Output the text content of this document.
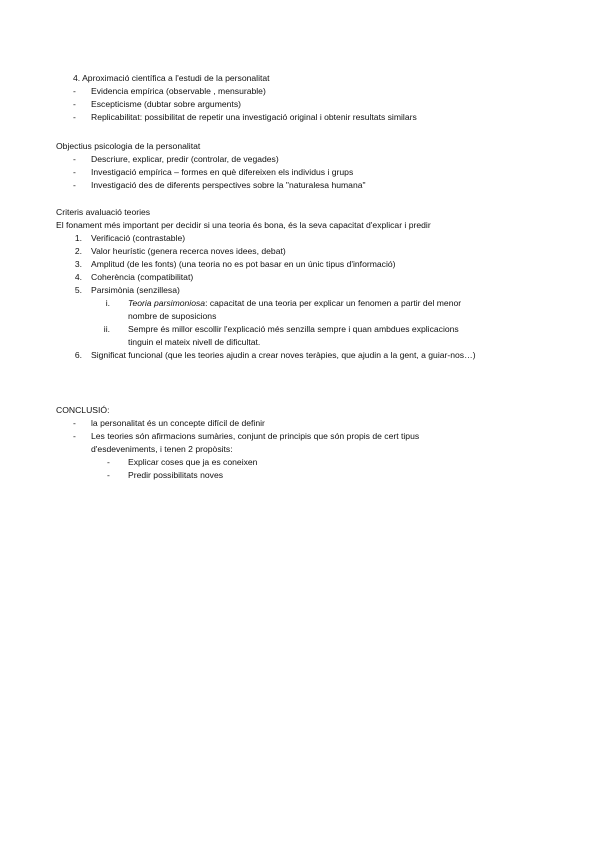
4. Aproximació científica a l'estudi de la personalitat
- Evidencia empírica (observable , mensurable)
- Escepticisme (dubtar sobre arguments)
- Replicabilitat: possibilitat de repetir una investigació original i obtenir resultats similars
Objectius psicologia de la personalitat
- Descriure, explicar, predir (controlar, de vegades)
- Investigació empírica – formes en què difereixen els individus i grups
- Investigació des de diferents perspectives sobre la "naturalesa humana"
Criteris avaluació teories
El fonament més important per decidir si una teoria és bona, és la seva capacitat d'explicar i predir
1. Verificació (contrastable)
2. Valor heurístic (genera recerca noves idees, debat)
3. Amplitud (de les fonts) (una teoria no es pot basar en un únic tipus d'informació)
4. Coherència (compatibilitat)
5. Parsimònia (senzillesa)
i. Teoria parsimoniosa: capacitat de una teoria per explicar un fenomen a partir del menor
nombre de suposicions
ii. Sempre és millor escollir l'explicació més senzilla sempre i quan ambdues explicacions
tinguin el mateix nivell de dificultat.
6. Significat funcional (que les teories ajudin a crear noves teràpies, que ajudin a la gent, a guiar-nos…)
CONCLUSIÓ:
- la personalitat és un concepte difícil de definir
- Les teories són afirmacions sumàries, conjunt de principis que són propis de cert tipus
d'esdeveniments, i tenen 2 propòsits:
- Explicar coses que ja es coneixen
- Predir possibilitats noves
